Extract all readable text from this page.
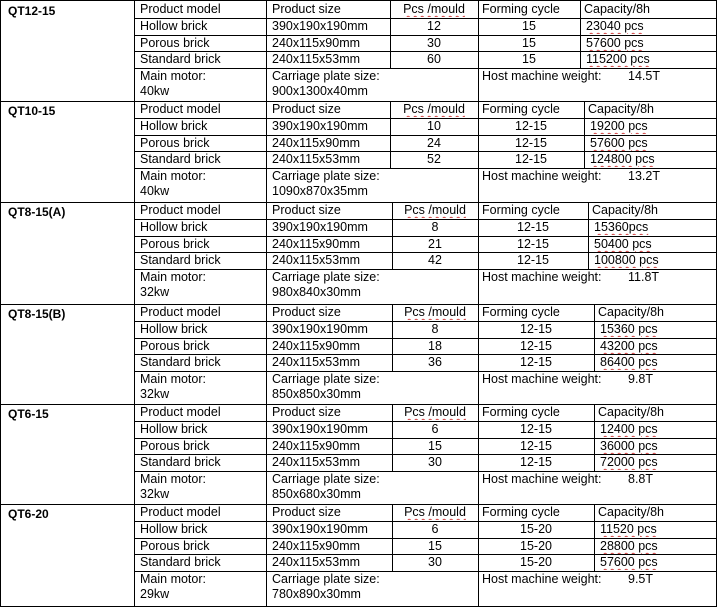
QT12-15	Product model	Product size	Pcs /mould	Forming cycle	Capacity/8h
Hollow brick	390x190x190mm	12	15	23040 pcs
Porous brick	240x115x90mm	30	15	57600 pcs
Standard brick	240x115x53mm	60	15	115200 pcs
Main motor:
40kw
Carriage plate size:
900x1300x40mm
Host machine weight:	14.5T
QT10-15	Product model	Product size	Pcs /mould	Forming cycle	Capacity/8h
Hollow brick	390x190x190mm	10	12-15	19200 pcs
Porous brick	240x115x90mm	24	12-15	57600 pcs
Standard brick	240x115x53mm	52	12-15	124800 pcs
Main motor:
40kw
Carriage plate size:
1090x870x35mm
Host machine weight:	13.2T
QT8-15(A)	Product model	Product size	Pcs /mould	Forming cycle	Capacity/8h
Hollow brick	390x190x190mm	8	12-15	15360pcs
Porous brick	240x115x90mm	21	12-15	50400 pcs
Standard brick	240x115x53mm	42	12-15	100800 pcs
Main motor:
32kw
Carriage plate size:
980x840x30mm
Host machine weight:	11.8T
QT8-15(B)	Product model	Product size	Pcs /mould	Forming cycle	Capacity/8h
Hollow brick	390x190x190mm	8	12-15	15360 pcs
Porous brick	240x115x90mm	18	12-15	43200 pcs
Standard brick	240x115x53mm	36	12-15	86400 pcs
Main motor:
32kw
Carriage plate size:
850x850x30mm
Host machine weight:	9.8T
QT6-15	Product model	Product size	Pcs /mould	Forming cycle	Capacity/8h
Hollow brick	390x190x190mm	6	12-15	12400 pcs
Porous brick	240x115x90mm	15	12-15	36000 pcs
Standard brick	240x115x53mm	30	12-15	72000 pcs
Main motor:
32kw
Carriage plate size:
850x680x30mm
Host machine weight:	8.8T
QT6-20	Product model	Product size	Pcs /mould	Forming cycle	Capacity/8h
Hollow brick	390x190x190mm	6	15-20	11520 pcs
Porous brick	240x115x90mm	15	15-20	28800 pcs
Standard brick	240x115x53mm	30	15-20	57600 pcs
Main motor:
29kw
Carriage plate size:
780x890x30mm
Host machine weight:	9.5T
